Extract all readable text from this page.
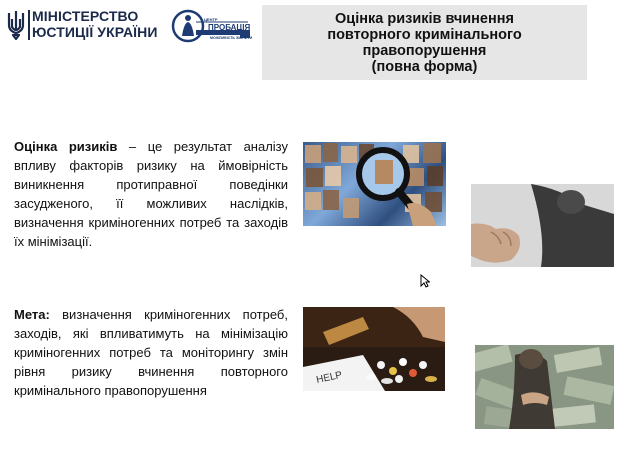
МІНІСТЕРСТВО
ЮСТИЦІЇ УКРАЇНИ
ЦЕНТР
ПРОБАЦІЯ
МОЖЛИВІСТЬ ЗМІНИТИ
Оцінка ризиків вчинення
повторного кримінального
правопорушення
(повна форма)
Оцінка ризиків – це результат аналізу впливу факторів ризику на ймовірність виникнення протиправної поведінки засудженого, її можливих наслідків, визначення криміногенних потреб та заходів їх мінімізації.
Мета: визначення криміногенних потреб, заходів, які впливатимуть на мінімізацію криміногенних потреб та моніторингу змін рівня ризику вчинення повторного кримінального правопорушення
HELP
